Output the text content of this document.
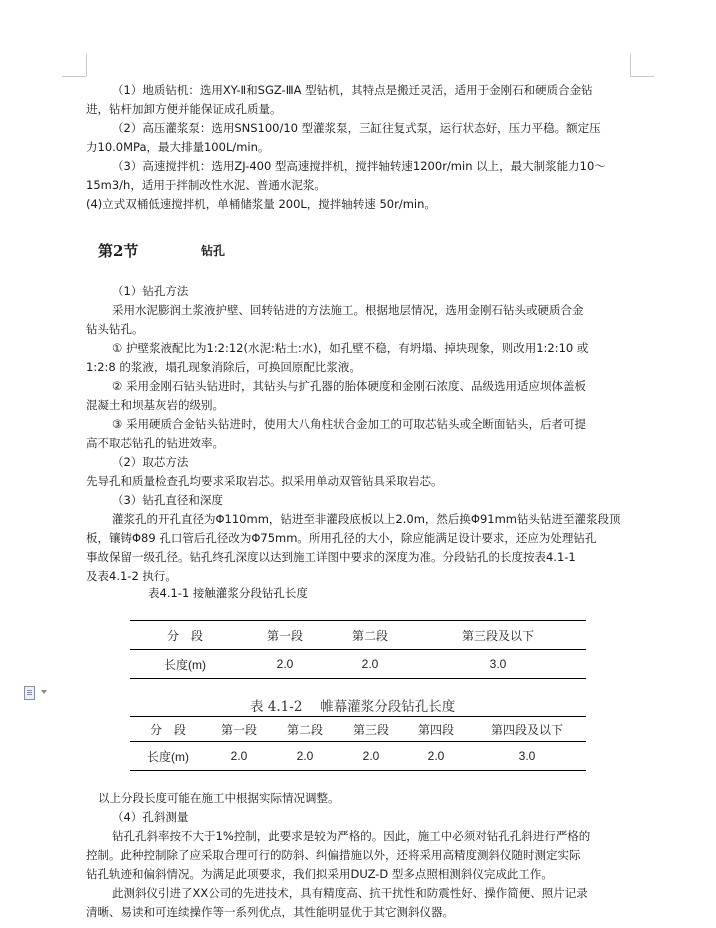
（1）地质钻机：选用XY-Ⅱ和SGZ-ⅢA 型钻机，其特点是搬迁灵活，适用于金刚石和硬质合金钻
进，钻杆加卸方便并能保证成孔质量。
（2）高压灌浆泵：选用SNS100/10 型灌浆泵，三缸往复式泵，运行状态好，压力平稳。额定压
力10.0MPa，最大排量100L/min。
（3）高速搅拌机：选用ZJ-400 型高速搅拌机，搅拌轴转速1200r/min 以上，最大制浆能力10～
15m3/h，适用于拌制改性水泥、普通水泥浆。
(4)立式双桶低速搅拌机，单桶储浆量 200L，搅拌轴转速 50r/min。
第2节	钻孔
（1）钻孔方法
采用水泥膨润土浆液护壁、回转钻进的方法施工。根据地层情况，选用金刚石钻头或硬质合金
钻头钻孔。
① 护壁浆液配比为1:2:12(水泥:粘土:水)，如孔壁不稳，有坍塌、掉块现象，则改用1:2:10 或
1:2:8 的浆液，塌孔现象消除后，可换回原配比浆液。
② 采用金刚石钻头钻进时，其钻头与扩孔器的胎体硬度和金刚石浓度、品级选用适应坝体盖板
混凝土和坝基灰岩的级别。
③ 采用硬质合金钻头钻进时，使用大八角柱状合金加工的可取芯钻头或全断面钻头，后者可提
高不取芯钻孔的钻进效率。
（2）取芯方法
先导孔和质量检查孔均要求采取岩芯。拟采用单动双管钻具采取岩芯。
（3）钻孔直径和深度
灌浆孔的开孔直径为Φ110mm，钻进至非灌段底板以上2.0m，然后换Φ91mm钻头钻进至灌浆段顶
板，镶铸Φ89 孔口管后孔径改为Φ75mm。所用孔径的大小，除应能满足设计要求，还应为处理钻孔
事故保留一级孔径。钻孔终孔深度以达到施工详图中要求的深度为准。分段钻孔的长度按表4.1-1
及表4.1-2 执行。
表4.1-1 接触灌浆分段钻孔长度
分　段	第一段	第二段	第三段及以下
长度(m)	2.0	2.0	3.0
表 4.1-2　 帷幕灌浆分段钻孔长度
分　段	第一段	第二段	第三段	第四段	第四段及以下
长度(m)	2.0	2.0	2.0	2.0	3.0
以上分段长度可能在施工中根据实际情况调整。
（4）孔斜测量
钻孔孔斜率按不大于1%控制，此要求是较为严格的。因此，施工中必须对钻孔孔斜进行严格的
控制。此种控制除了应采取合理可行的防斜、纠偏措施以外，还将采用高精度测斜仪随时测定实际
钻孔轨迹和偏斜情况。为满足此项要求，我们拟采用DUZ-D 型多点照相测斜仪完成此工作。
此测斜仪引进了XX公司的先进技术，具有精度高、抗干扰性和防震性好、操作简便、照片记录
清晰、易读和可连续操作等一系列优点，其性能明显优于其它测斜仪器。
